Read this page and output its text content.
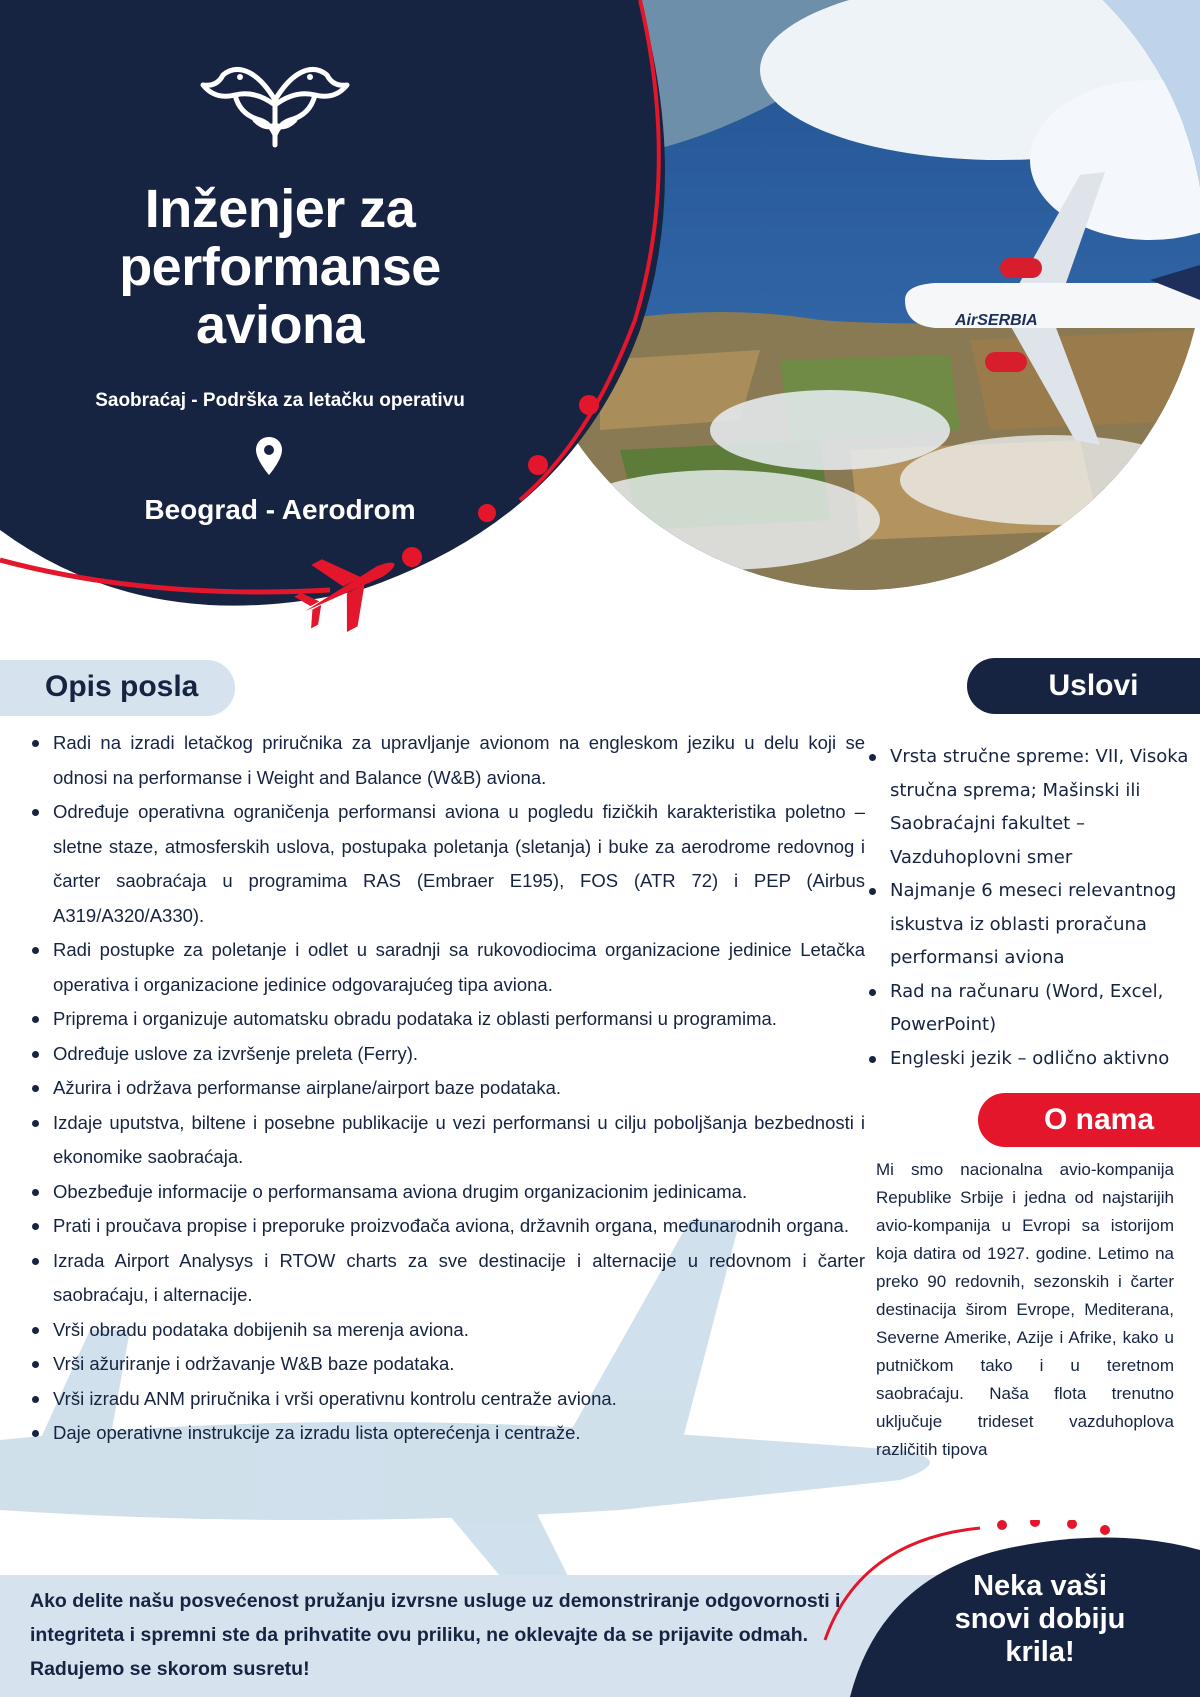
AirSERBIA
Inženjer za performanse aviona
Saobraćaj - Podrška za letačku operativu
Beograd - Aerodrom
Opis posla	Uslovi
O nama
Radi na izradi letačkog priručnika za upravljanje avionom na engleskom jeziku u delu koji se odnosi na performanse i Weight and Balance (W&B) aviona.
Određuje operativna ograničenja performansi aviona u pogledu fizičkih karakteristika poletno – sletne staze, atmosferskih uslova, postupaka poletanja (sletanja) i buke za aerodrome redovnog i čarter saobraćaja u programima RAS (Embraer E195), FOS (ATR 72) i PEP (Airbus A319/A320/A330).
Radi postupke za poletanje i odlet u saradnji sa rukovodiocima organizacione jedinice Letačka operativa i organizacione jedinice odgovarajućeg tipa aviona.
Priprema i organizuje automatsku obradu podataka iz oblasti performansi u programima.
Određuje uslove za izvršenje preleta (Ferry).
Ažurira i održava performanse airplane/airport baze podataka.
Izdaje uputstva, biltene i posebne publikacije u vezi performansi u cilju poboljšanja bezbednosti i ekonomike saobraćaja.
Obezbeđuje informacije o performansama aviona drugim organizacionim jedinicama.
Prati i proučava propise i preporuke proizvođača aviona, državnih organa, međunarodnih organa.
Izrada Airport Analysys i RTOW charts za sve destinacije i alternacije u redovnom i čarter saobraćaju, i alternacije.
Vrši obradu podataka dobijenih sa merenja aviona.
Vrši ažuriranje i održavanje W&B baze podataka.
Vrši izradu ANM priručnika i vrši operativnu kontrolu centraže aviona.
Daje operativne instrukcije za izradu lista opterećenja i centraže.
Vrsta stručne spreme: VII, Visoka stručna sprema; Mašinski ili Saobraćajni fakultet – Vazduhoplovni smer
Najmanje 6 meseci relevantnog iskustva iz oblasti proračuna performansi aviona
Rad na računaru (Word, Excel, PowerPoint)
Engleski jezik – odlično aktivno

Mi smo nacionalna avio-kompanija Republike Srbije i jedna od najstarijih avio-kompanija u Evropi sa istorijom koja datira od 1927. godine. Letimo na preko 90 redovnih, sezonskih i čarter destinacija širom Evrope, Mediterana, Severne Amerike, Azije i Afrike, kako u putničkom tako i u teretnom saobraćaju. Naša flota trenutno uključuje trideset vazduhoplova različitih tipova

Ako delite našu posvećenost pružanju izvrsne usluge uz demonstriranje odgovornosti i integriteta i spremni ste da prihvatite ovu priliku, ne oklevajte da se prijavite odmah. Radujemo se skorom susretu!

Neka vaši snovi dobiju krila!
